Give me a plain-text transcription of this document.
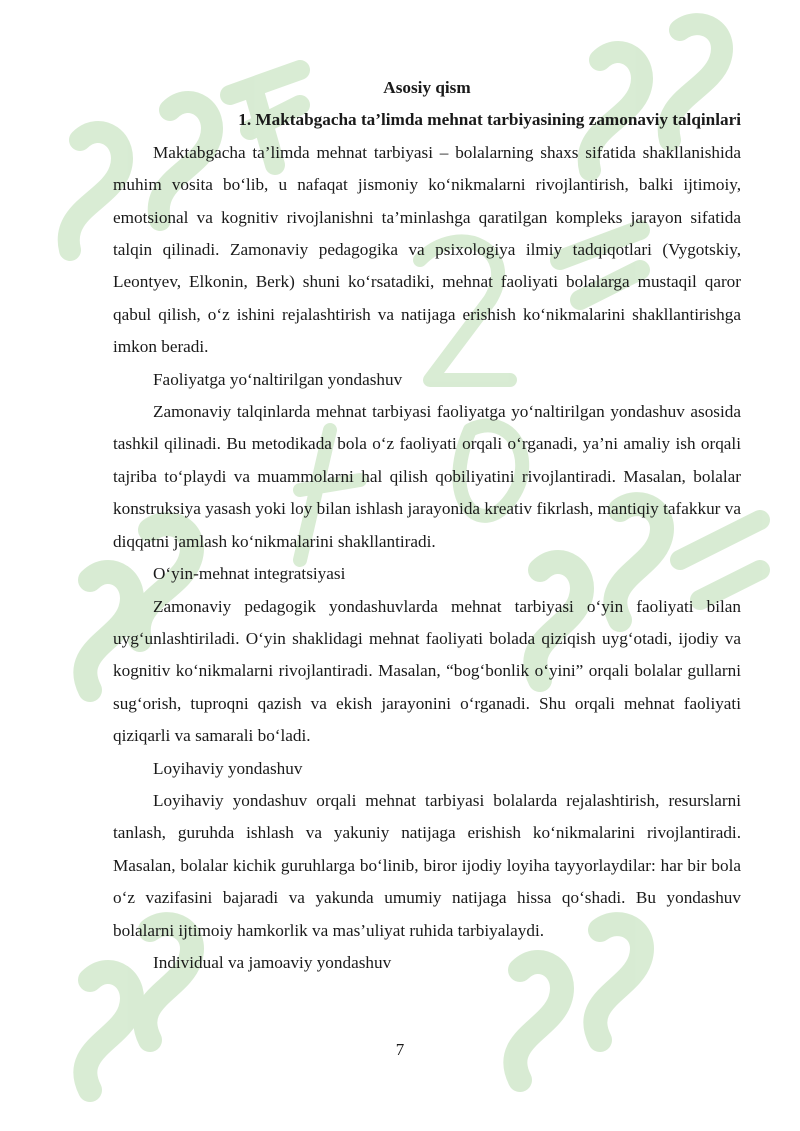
Asosiy qism
1. Maktabgacha ta’limda mehnat tarbiyasining zamonaviy talqinlari

Maktabgacha ta’limda mehnat tarbiyasi – bolalarning shaxs sifatida shakllanishida muhim vosita bo‘lib, u nafaqat jismoniy ko‘nikmalarni rivojlantirish, balki ijtimoiy, emotsional va kognitiv rivojlanishni ta’minlashga qaratilgan kompleks jarayon sifatida talqin qilinadi. Zamonaviy pedagogika va psixologiya ilmiy tadqiqotlari (Vygotskiy, Leontyev, Elkonin, Berk) shuni ko‘rsatadiki, mehnat faoliyati bolalarga mustaqil qaror qabul qilish, o‘z ishini rejalashtirish va natijaga erishish ko‘nikmalarini shakllantirishga imkon beradi.

Faoliyatga yo‘naltirilgan yondashuv

Zamonaviy talqinlarda mehnat tarbiyasi faoliyatga yo‘naltirilgan yondashuv asosida tashkil qilinadi. Bu metodikada bola o‘z faoliyati orqali o‘rganadi, ya’ni amaliy ish orqali tajriba to‘playdi va muammolarni hal qilish qobiliyatini rivojlantiradi. Masalan, bolalar konstruksiya yasash yoki loy bilan ishlash jarayonida kreativ fikrlash, mantiqiy tafakkur va diqqatni jamlash ko‘nikmalarini shakllantiradi.

O‘yin-mehnat integratsiyasi

Zamonaviy pedagogik yondashuvlarda mehnat tarbiyasi o‘yin faoliyati bilan uyg‘unlashtiriladi. O‘yin shaklidagi mehnat faoliyati bolada qiziqish uyg‘otadi, ijodiy va kognitiv ko‘nikmalarni rivojlantiradi. Masalan, “bog‘bonlik o‘yini” orqali bolalar gullarni sug‘orish, tuproqni qazish va ekish jarayonini o‘rganadi. Shu orqali mehnat faoliyati qiziqarli va samarali bo‘ladi.

Loyihaviy yondashuv

Loyihaviy yondashuv orqali mehnat tarbiyasi bolalarda rejalashtirish, resurslarni tanlash, guruhda ishlash va yakuniy natijaga erishish ko‘nikmalarini rivojlantiradi. Masalan, bolalar kichik guruhlarga bo‘linib, biror ijodiy loyiha tayyorlaydilar: har bir bola o‘z vazifasini bajaradi va yakunda umumiy natijaga hissa qo‘shadi. Bu yondashuv bolalarni ijtimoiy hamkorlik va mas’uliyat ruhida tarbiyalaydi.

Individual va jamoaviy yondashuv

7
